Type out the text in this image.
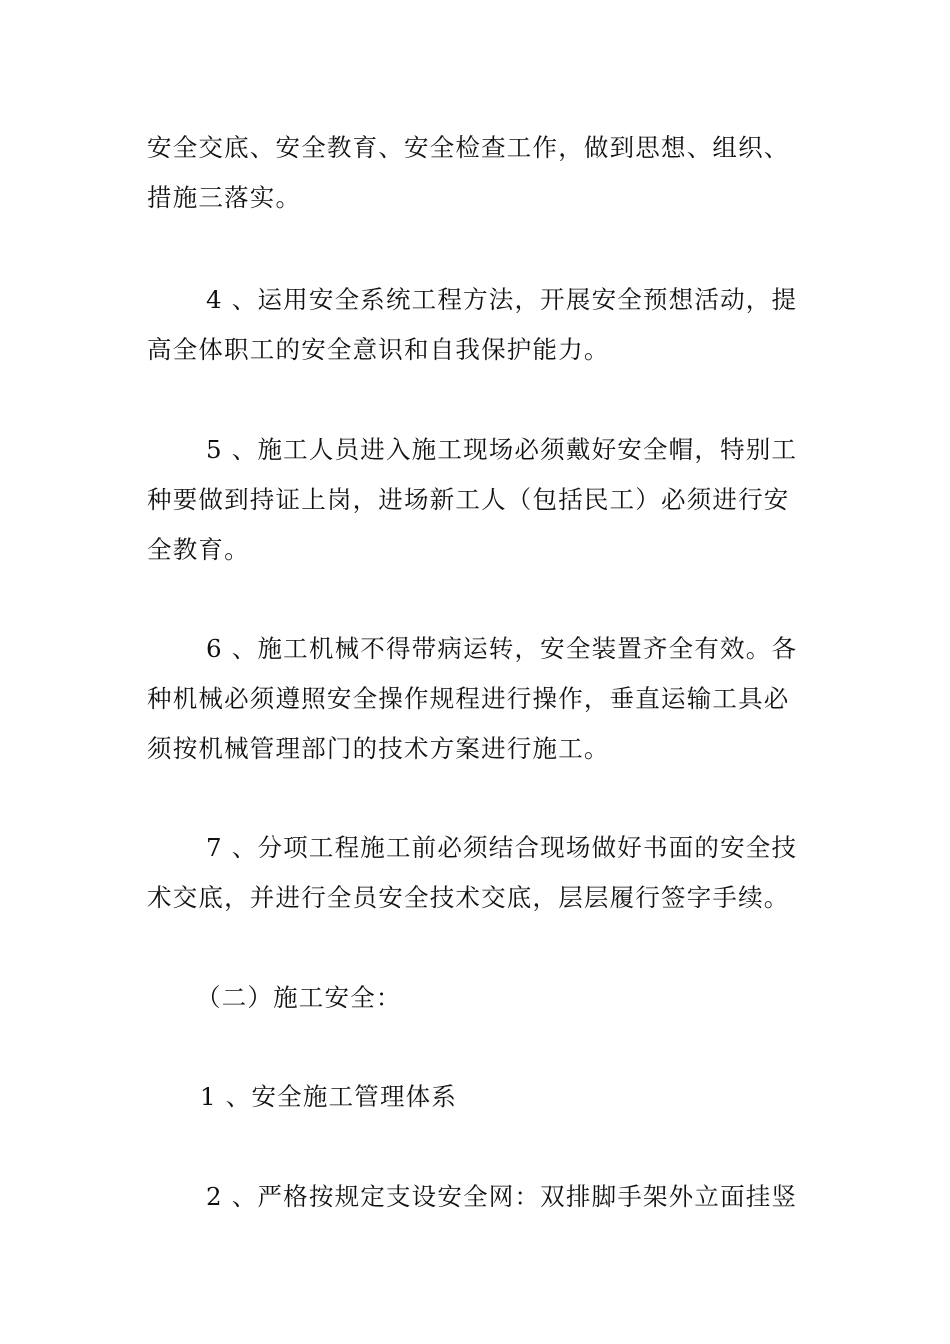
安全交底、安全教育、安全检查工作，做到思想、组织、
措施三落实。
4 、运用安全系统工程方法，开展安全预想活动，提
高全体职工的安全意识和自我保护能力。
5 、施工人员进入施工现场必须戴好安全帽，特别工
种要做到持证上岗，进场新工人（包括民工）必须进行安
全教育。
6 、施工机械不得带病运转，安全装置齐全有效。各
种机械必须遵照安全操作规程进行操作，垂直运输工具必
须按机械管理部门的技术方案进行施工。
7 、分项工程施工前必须结合现场做好书面的安全技
术交底，并进行全员安全技术交底，层层履行签字手续。
（二）施工安全：
1 、安全施工管理体系
2 、严格按规定支设安全网：双排脚手架外立面挂竖
